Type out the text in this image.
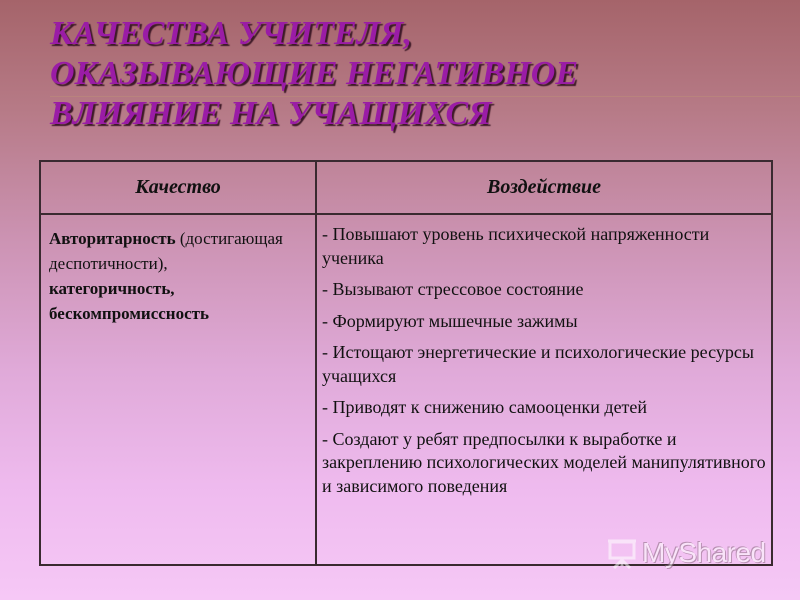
КАЧЕСТВА УЧИТЕЛЯ,
ОКАЗЫВАЮЩИЕ НЕГАТИВНОЕ
ВЛИЯНИЕ НА УЧАЩИХСЯ
Качество	Воздействие
Авторитарность (достигающая деспотичности),
категоричность, бескомпромиссность
- Повышают уровень психической напряженности ученика
- Вызывают стрессовое состояние
- Формируют мышечные зажимы
- Истощают энергетические и психологические ресурсы учащихся
- Приводят к снижению самооценки детей
- Создают у ребят предпосылки к выработке и закреплению психологических моделей манипулятивного и зависимого поведения
MyShared
